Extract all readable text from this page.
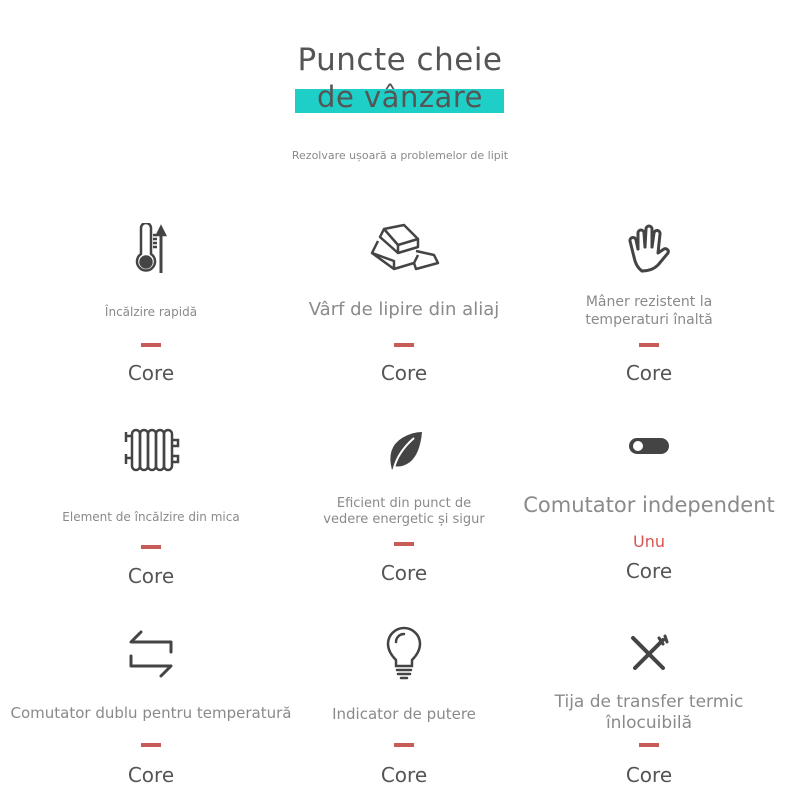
Puncte cheie
de vânzare
Rezolvare ușoară a problemelor de lipit
Încălzire rapidă
Core
Vârf de lipire din aliaj
Core
Mâner rezistent la temperaturi înaltă
Core
Element de încălzire din mica
Core
Eficient din punct de vedere energetic și sigur
Core
Comutator independent
Unu
Core
Comutator dublu pentru temperatură
Core
Indicator de putere
Core
Tija de transfer termic înlocuibilă
Core
